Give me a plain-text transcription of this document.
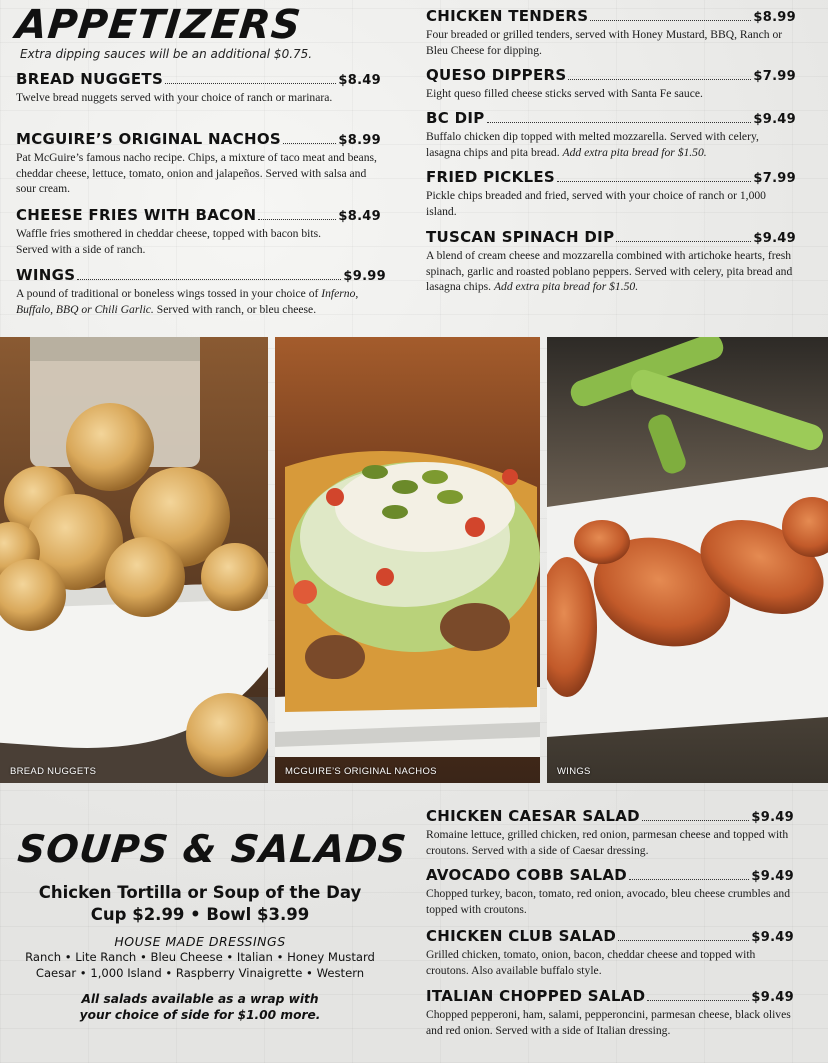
APPETIZERS
Extra dipping sauces will be an additional $0.75.
BREAD NUGGETS	$8.49
Twelve bread nuggets served with your choice of ranch or marinara.
MCGUIRE’S ORIGINAL NACHOS	$8.99
Pat McGuire’s famous nacho recipe. Chips, a mixture of taco meat and beans, cheddar cheese, lettuce, tomato, onion and jalapeños. Served with salsa and sour cream.
CHEESE FRIES WITH BACON	$8.49
Waffle fries smothered in cheddar cheese, topped with bacon bits. Served with a side of ranch.
WINGS	$9.99
A pound of traditional or boneless wings tossed in your choice of Inferno, Buffalo, BBQ or Chili Garlic. Served with ranch, or bleu cheese.
CHICKEN TENDERS	$8.99
Four breaded or grilled tenders, served with Honey Mustard, BBQ, Ranch or Bleu Cheese for dipping.
QUESO DIPPERS	$7.99
Eight queso filled cheese sticks served with Santa Fe sauce.
BC DIP	$9.49
Buffalo chicken dip topped with melted mozzarella. Served with celery, lasagna chips and pita bread. Add extra pita bread for $1.50.
FRIED PICKLES	$7.99
Pickle chips breaded and fried, served with your choice of ranch or 1,000 island.
TUSCAN SPINACH DIP	$9.49
A blend of cream cheese and mozzarella combined with artichoke hearts, fresh spinach, garlic and roasted poblano peppers. Served with celery, pita bread and lasagna chips. Add extra pita bread for $1.50.
BREAD NUGGETS	MCGUIRE’S ORIGINAL NACHOS	WINGS
SOUPS & SALADS
Chicken Tortilla or Soup of the Day
Cup $2.99 • Bowl $3.99
HOUSE MADE DRESSINGS
Ranch • Lite Ranch • Bleu Cheese • Italian • Honey Mustard
Caesar • 1,000 Island • Raspberry Vinaigrette • Western
All salads available as a wrap with
your choice of side for $1.00 more.
CHICKEN CAESAR SALAD	$9.49
Romaine lettuce, grilled chicken, red onion, parmesan cheese and topped with croutons. Served with a side of Caesar dressing.
AVOCADO COBB SALAD	$9.49
Chopped turkey, bacon, tomato, red onion, avocado, bleu cheese crumbles and topped with croutons.
CHICKEN CLUB SALAD	$9.49
Grilled chicken, tomato, onion, bacon, cheddar cheese and topped with croutons. Also available buffalo style.
ITALIAN CHOPPED SALAD	$9.49
Chopped pepperoni, ham, salami, pepperoncini, parmesan cheese, black olives and red onion. Served with a side of Italian dressing.
